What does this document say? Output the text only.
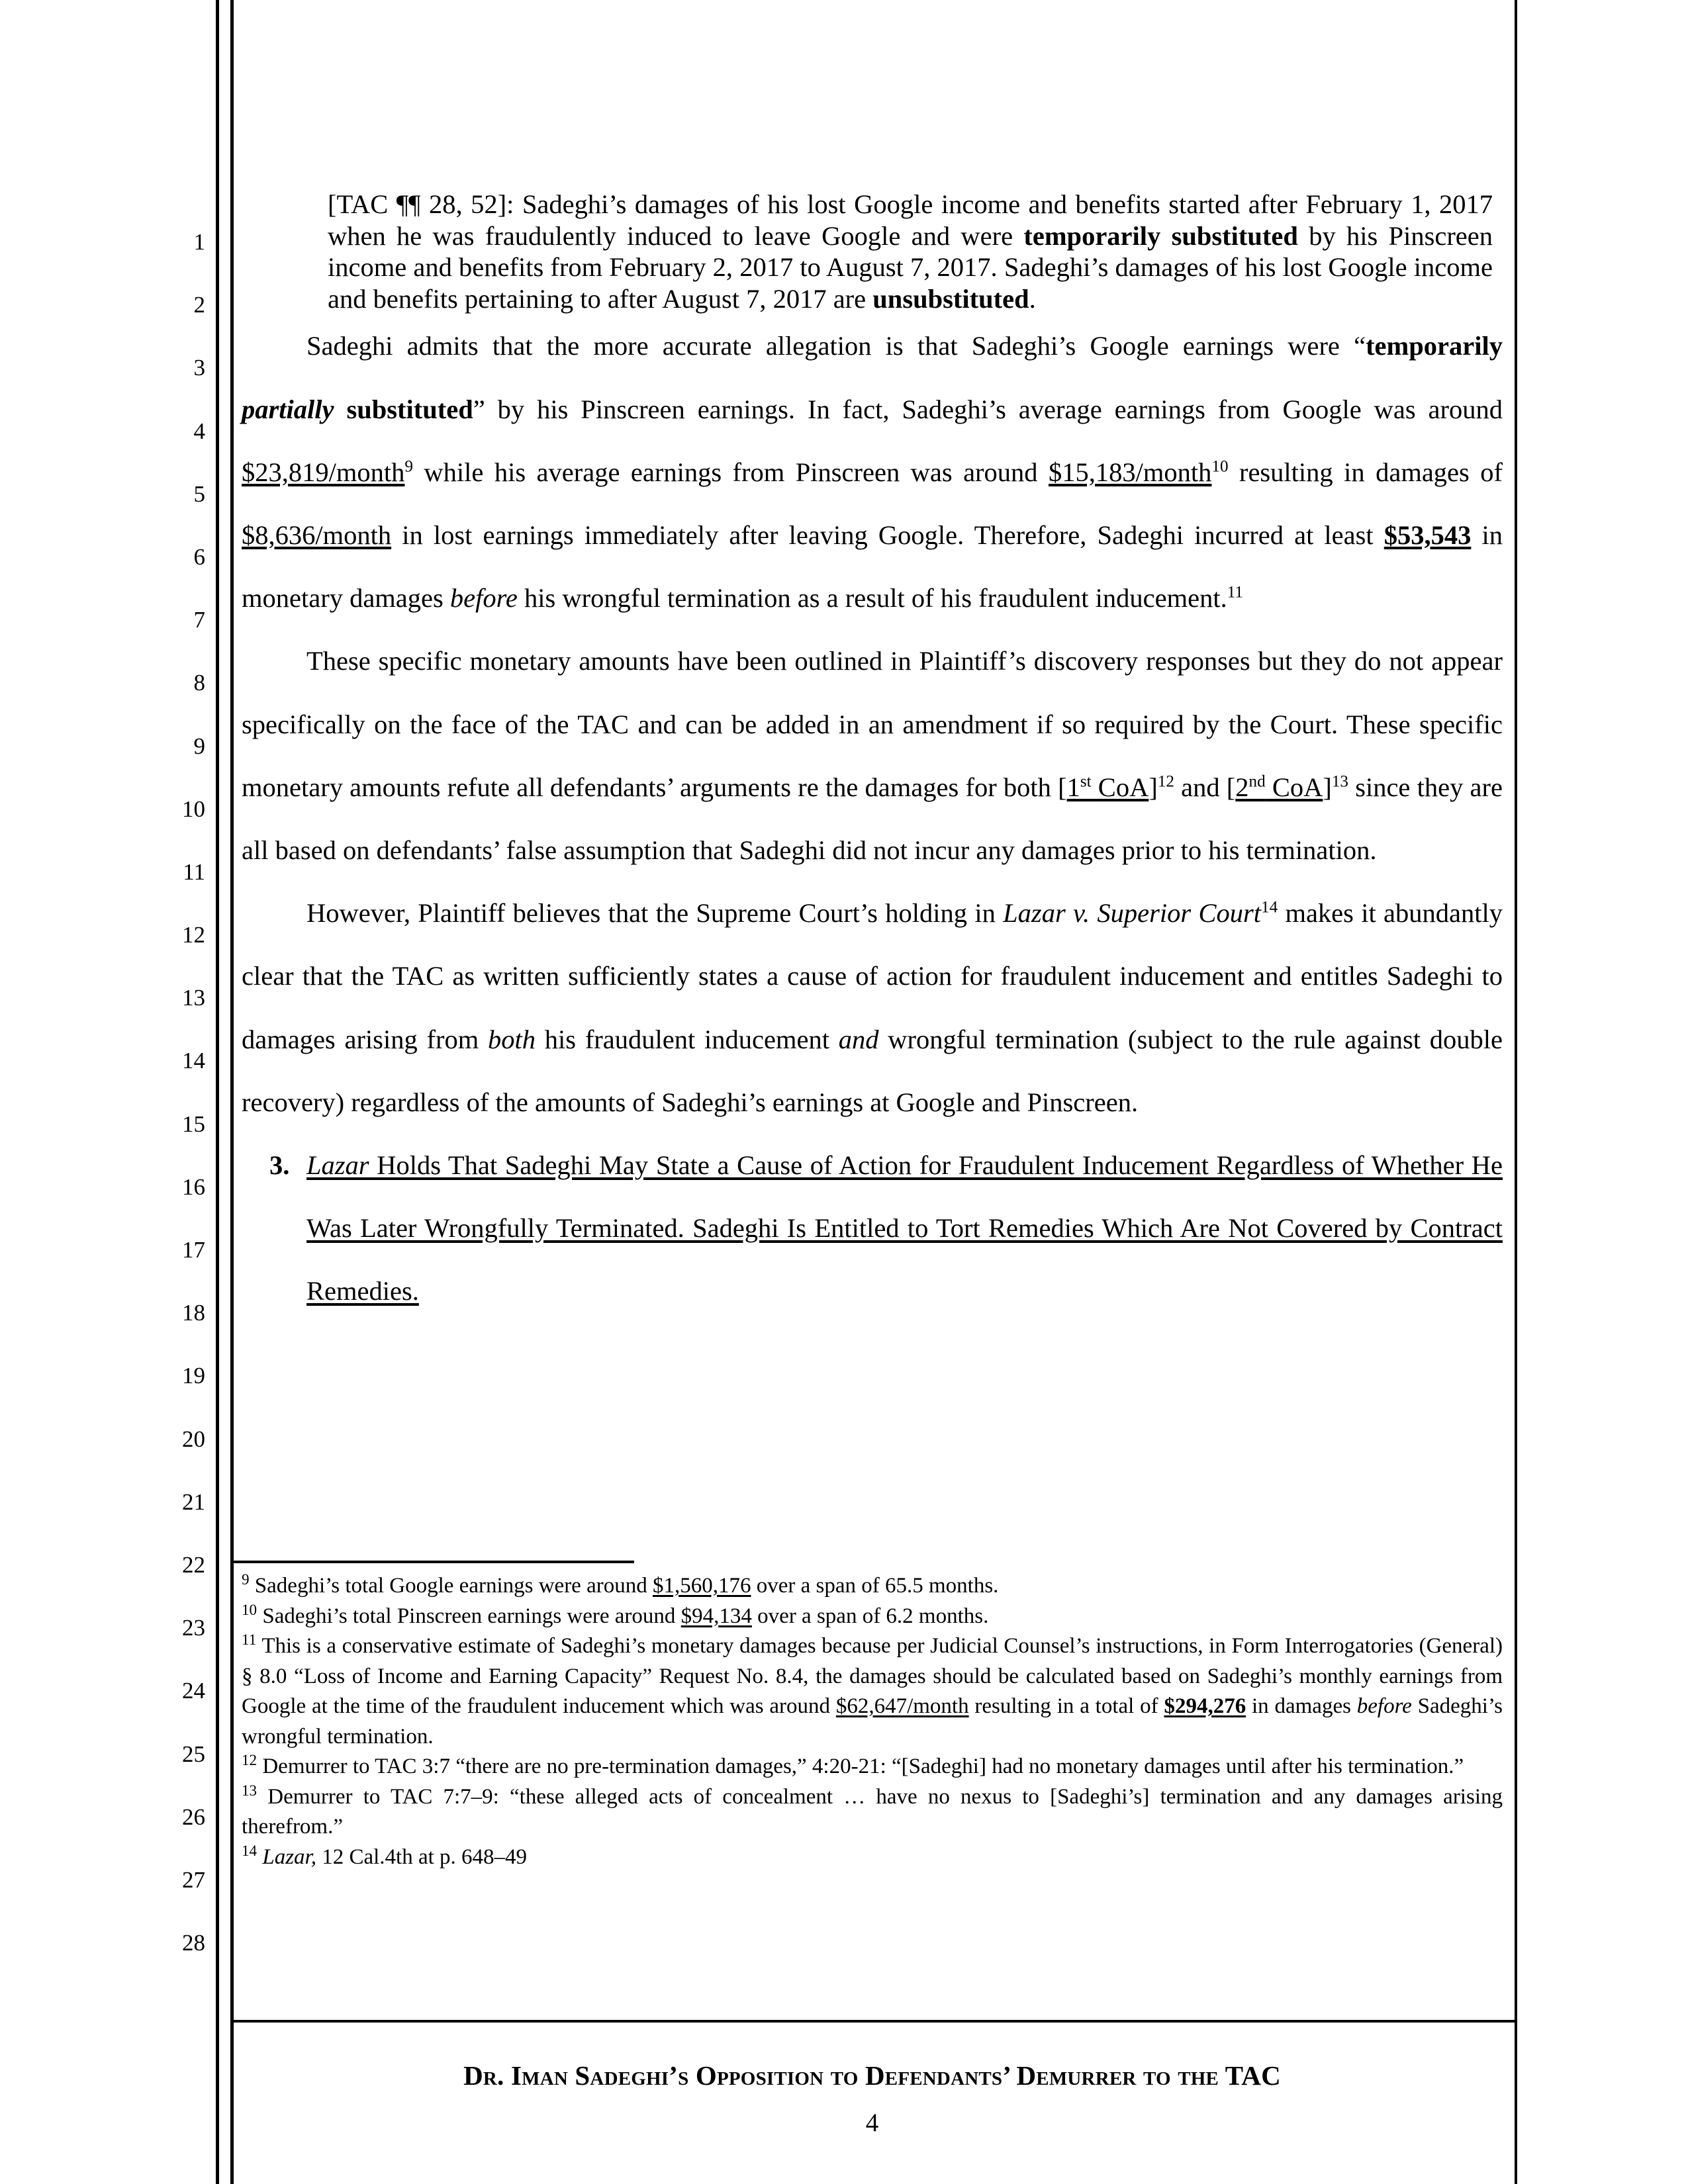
1
2
3
4
5
6
7
8
9
10
11
12
13
14
15
16
17
18
19
20
21
22
23
24
25
26
27
28

[TAC ¶¶ 28, 52]: Sadeghi’s damages of his lost Google income and benefits started after February 1, 2017 when he was fraudulently induced to leave Google and were temporarily substituted by his Pinscreen income and benefits from February 2, 2017 to August 7, 2017. Sadeghi’s damages of his lost Google income and benefits pertaining to after August 7, 2017 are unsubstituted.

Sadeghi admits that the more accurate allegation is that Sadeghi’s Google earnings were “temporarily partially substituted” by his Pinscreen earnings. In fact, Sadeghi’s average earnings from Google was around $23,819/month$^9$ while his average earnings from Pinscreen was around $15,183/month$^{10}$ resulting in damages of $8,636/month in lost earnings immediately after leaving Google. Therefore, Sadeghi incurred at least $53,543 in monetary damages before his wrongful termination as a result of his fraudulent inducement.$^{11}$

These specific monetary amounts have been outlined in Plaintiff’s discovery responses but they do not appear specifically on the face of the TAC and can be added in an amendment if so required by the Court. These specific monetary amounts refute all defendants’ arguments re the damages for both [1st CoA]$^{12}$ and [2nd CoA]$^{13}$ since they are all based on defendants’ false assumption that Sadeghi did not incur any damages prior to his termination.

However, Plaintiff believes that the Supreme Court’s holding in Lazar v. Superior Court$^{14}$ makes it abundantly clear that the TAC as written sufficiently states a cause of action for fraudulent inducement and entitles Sadeghi to damages arising from both his fraudulent inducement and wrongful termination (subject to the rule against double recovery) regardless of the amounts of Sadeghi’s earnings at Google and Pinscreen.

3. Lazar Holds That Sadeghi May State a Cause of Action for Fraudulent Inducement Regardless of Whether He Was Later Wrongfully Terminated. Sadeghi Is Entitled to Tort Remedies Which Are Not Covered by Contract Remedies.

$^9$ Sadeghi’s total Google earnings were around $1,560,176 over a span of 65.5 months.

$^{10}$ Sadeghi’s total Pinscreen earnings were around $94,134 over a span of 6.2 months.

$^{11}$ This is a conservative estimate of Sadeghi’s monetary damages because per Judicial Counsel’s instructions, in Form Interrogatories (General) § 8.0 “Loss of Income and Earning Capacity” Request No. 8.4, the damages should be calculated based on Sadeghi’s monthly earnings from Google at the time of the fraudulent inducement which was around $62,647/month resulting in a total of $294,276 in damages before Sadeghi’s wrongful termination.

$^{12}$ Demurrer to TAC 3:7 “there are no pre-termination damages,” 4:20-21: “[Sadeghi] had no monetary damages until after his termination.”

$^{13}$ Demurrer to TAC 7:7–9: “these alleged acts of concealment … have no nexus to [Sadeghi’s] termination and any damages arising therefrom.”

$^{14}$ Lazar, 12 Cal.4th at p. 648–49

Dr. Iman Sadeghi’s Opposition to Defendants’ Demurrer to the TAC
4
